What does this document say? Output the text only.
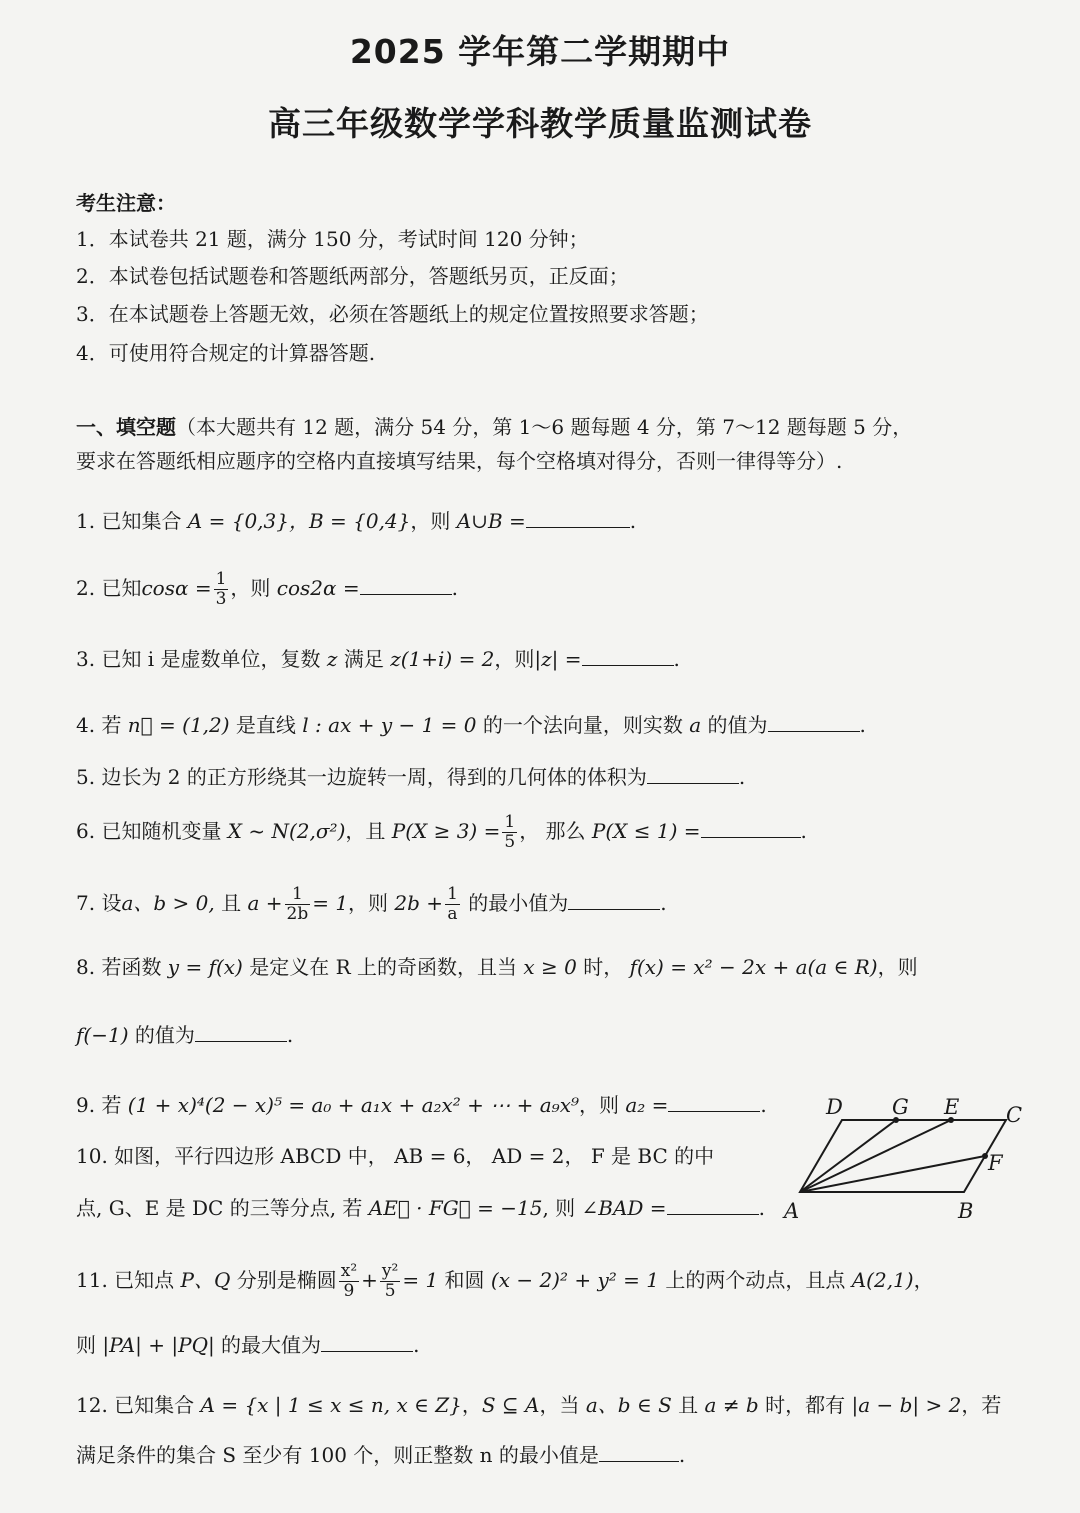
2025 学年第二学期期中
高三年级数学学科教学质量监测试卷
考生注意：
1．本试卷共 21 题，满分 150 分，考试时间 120 分钟；
2．本试卷包括试题卷和答题纸两部分，答题纸另页，正反面；
3．在本试题卷上答题无效，必须在答题纸上的规定位置按照要求答题；
4．可使用符合规定的计算器答题.
一、填空题（本大题共有 12 题，满分 54 分，第 1～6 题每题 4 分，第 7～12 题每题 5 分，
要求在答题纸相应题序的空格内直接填写结果，每个空格填对得分，否则一律得等分）.
1. 已知集合 A = {0,3}，B = {0,4}，则 A∪B =	.
2. 已知$\cos\alpha = \frac{1}{3}$ ，则 cos2α =	.
3. 已知 i 是虚数单位，复数 z 满足 z(1+i) = 2，则|z| =	.
4. 若 n⃗ = (1,2) 是直线 l : ax + y − 1 = 0 的一个法向量，则实数 a 的值为	.
5. 边长为 2 的正方形绕其一边旋转一周，得到的几何体的体积为	.
6. 已知随机变量 X ~ N(2,σ²)，且 $P(X \ge 3) = \frac{1}{5}$ ， 那么 P(X ≤ 1) =	.
7. 设a、b > 0, 且 $a + \frac{1}{2b} = 1$，则 $2b + \frac{1}{a}$ 的最小值为	.
8. 若函数 y = f(x) 是定义在 R 上的奇函数，且当 x ≥ 0 时， f(x) = x² − 2x + a(a ∈ R)，则
f(−1) 的值为	.
9. 若 (1 + x)⁴(2 − x)⁵ = a₀ + a₁x + a₂x² + ⋯ + a₉x⁹，则 a₂ =	.
10. 如图，平行四边形 ABCD 中， AB = 6， AD = 2， F 是 BC 的中
点, G、E 是 DC 的三等分点, 若 AE⃗ · FG⃗ = −15, 则 ∠BAD =	.
D G E C
F
A	B
11. 已知点 P、Q 分别是椭圆 $\frac{\text{x²}}{9} + \frac{\text{y²}}{5} = 1$ 和圆 (x − 2)² + y² = 1 上的两个动点，且点 A(2,1)，
则 |PA| + |PQ| 的最大值为	.
12. 已知集合 A = {x | 1 ≤ x ≤ n, x ∈ Z}，S ⊆ A，当 a、b ∈ S 且 a ≠ b 时，都有 |a − b| > 2，若
满足条件的集合 S 至少有 100 个，则正整数 n 的最小值是	.
